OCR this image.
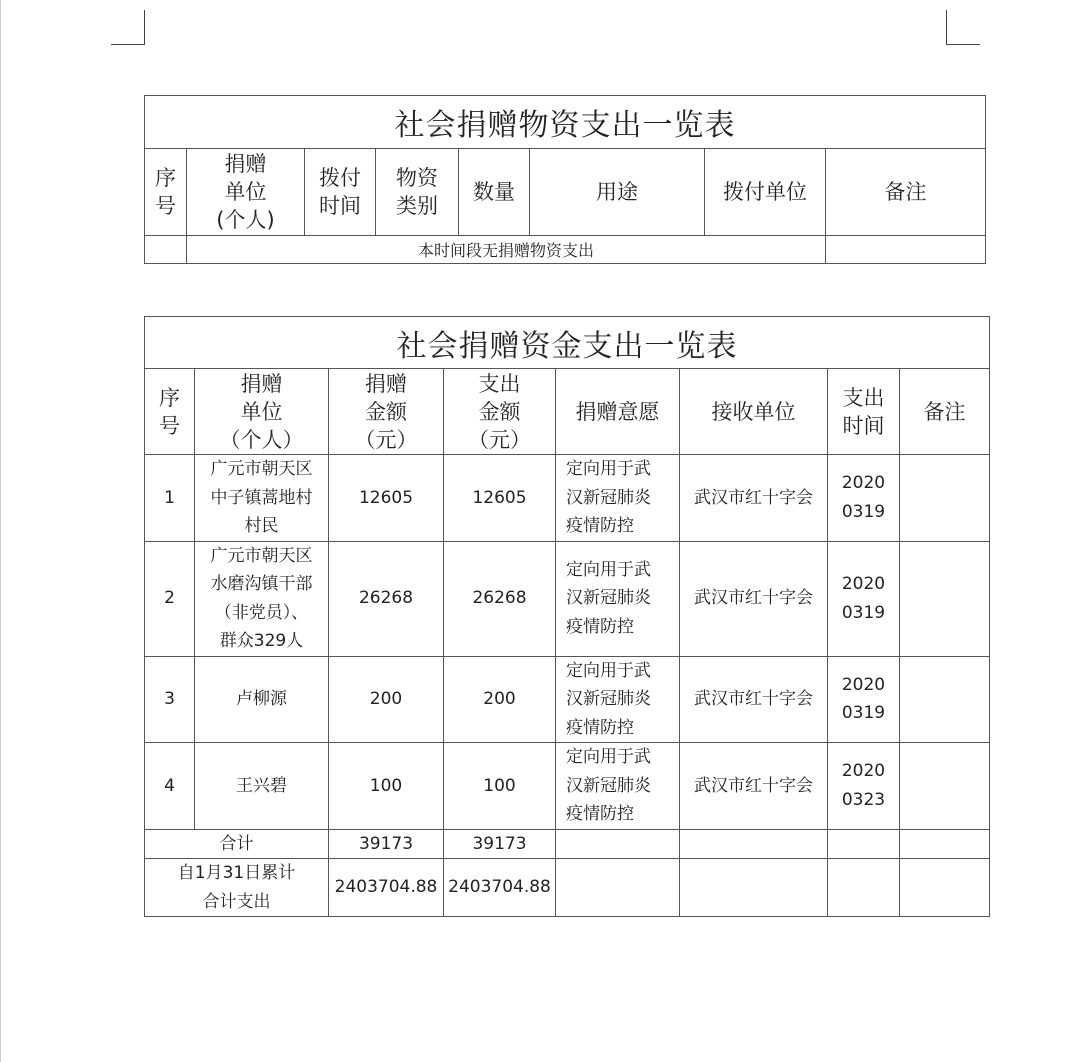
社会捐赠物资支出一览表							
序
号	捐赠
单位
(个人)	拨付
时间	物资
类别	数量	用途	拨付单位	备注
	本时间段无捐赠物资支出						
社会捐赠资金支出一览表							
序
号	捐赠
单位
（个人）	捐赠
金额
（元）	支出
金额
（元）	捐赠意愿	接收单位	支出
时间	备注
1	广元市朝天区
中子镇蒿地村
村民	12605	12605	定向用于武
汉新冠肺炎
疫情防控	武汉市红十字会	2020
0319	
2	广元市朝天区
水磨沟镇干部
（非党员）、
群众329人	26268	26268	定向用于武
汉新冠肺炎
疫情防控	武汉市红十字会	2020
0319	
3	卢柳源	200	200	定向用于武
汉新冠肺炎
疫情防控	武汉市红十字会	2020
0319	
4	王兴碧	100	100	定向用于武
汉新冠肺炎
疫情防控	武汉市红十字会	2020
0323	
合计		39173	39173				
自1月31日累计
合计支出		2403704.88	2403704.88				
